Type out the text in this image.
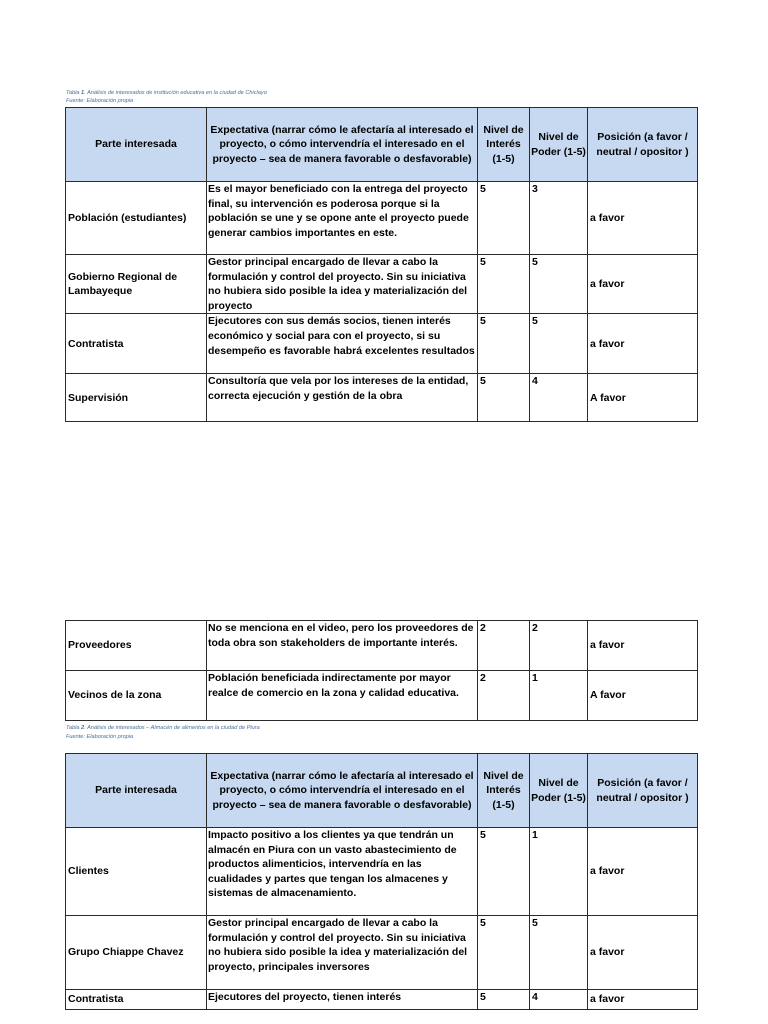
Tabla 1. Análisis de interesados de institución educativa en la ciudad de Chiclayo
Fuente: Elaboración propia
Parte interesada	Expectativa (narrar cómo le afectaría al interesado el proyecto, o cómo intervendría el interesado en el proyecto – sea de manera favorable o desfavorable)	Nivel de Interés (1-5)	Nivel de Poder (1-5)	Posición (a favor / neutral / opositor )
Población (estudiantes)	Es el mayor beneficiado con la entrega del proyecto final, su intervención es poderosa porque si la población se une y se opone ante el proyecto puede generar cambios importantes en este.	5	3	a favor
Gobierno Regional de Lambayeque	Gestor principal encargado de llevar a cabo la formulación y control del proyecto. Sin su iniciativa no hubiera sido posible la idea y materialización del proyecto	5	5	a favor
Contratista	Ejecutores con sus demás socios, tienen interés económico y social para con el proyecto, si su desempeño es favorable habrá excelentes resultados	5	5	a favor
Supervisión	Consultoría que vela por los intereses de la entidad, correcta ejecución y gestión de la obra	5	4	A favor
Proveedores	No se menciona en el video, pero los proveedores de toda obra son stakeholders de importante interés.	2	2	a favor
Vecinos de la zona	Población beneficiada indirectamente por mayor realce de comercio en la zona y calidad educativa.	2	1	A favor
Tabla 2. Análisis de interesados – Almacén de alimentos en la ciudad de Piura
Fuente: Elaboración propia
Parte interesada	Expectativa (narrar cómo le afectaría al interesado el proyecto, o cómo intervendría el interesado en el proyecto – sea de manera favorable o desfavorable)	Nivel de Interés (1-5)	Nivel de Poder (1-5)	Posición (a favor / neutral / opositor )
Clientes	Impacto positivo a los clientes ya que tendrán un almacén en Piura con un vasto abastecimiento de productos alimenticios, intervendría en las cualidades y partes que tengan los almacenes y sistemas de almacenamiento.	5	1	a favor
Grupo Chiappe Chavez	Gestor principal encargado de llevar a cabo la formulación y control del proyecto. Sin su iniciativa no hubiera sido posible la idea y materialización del proyecto, principales inversores	5	5	a favor
Contratista	Ejecutores del proyecto, tienen interés	5	4	a favor
